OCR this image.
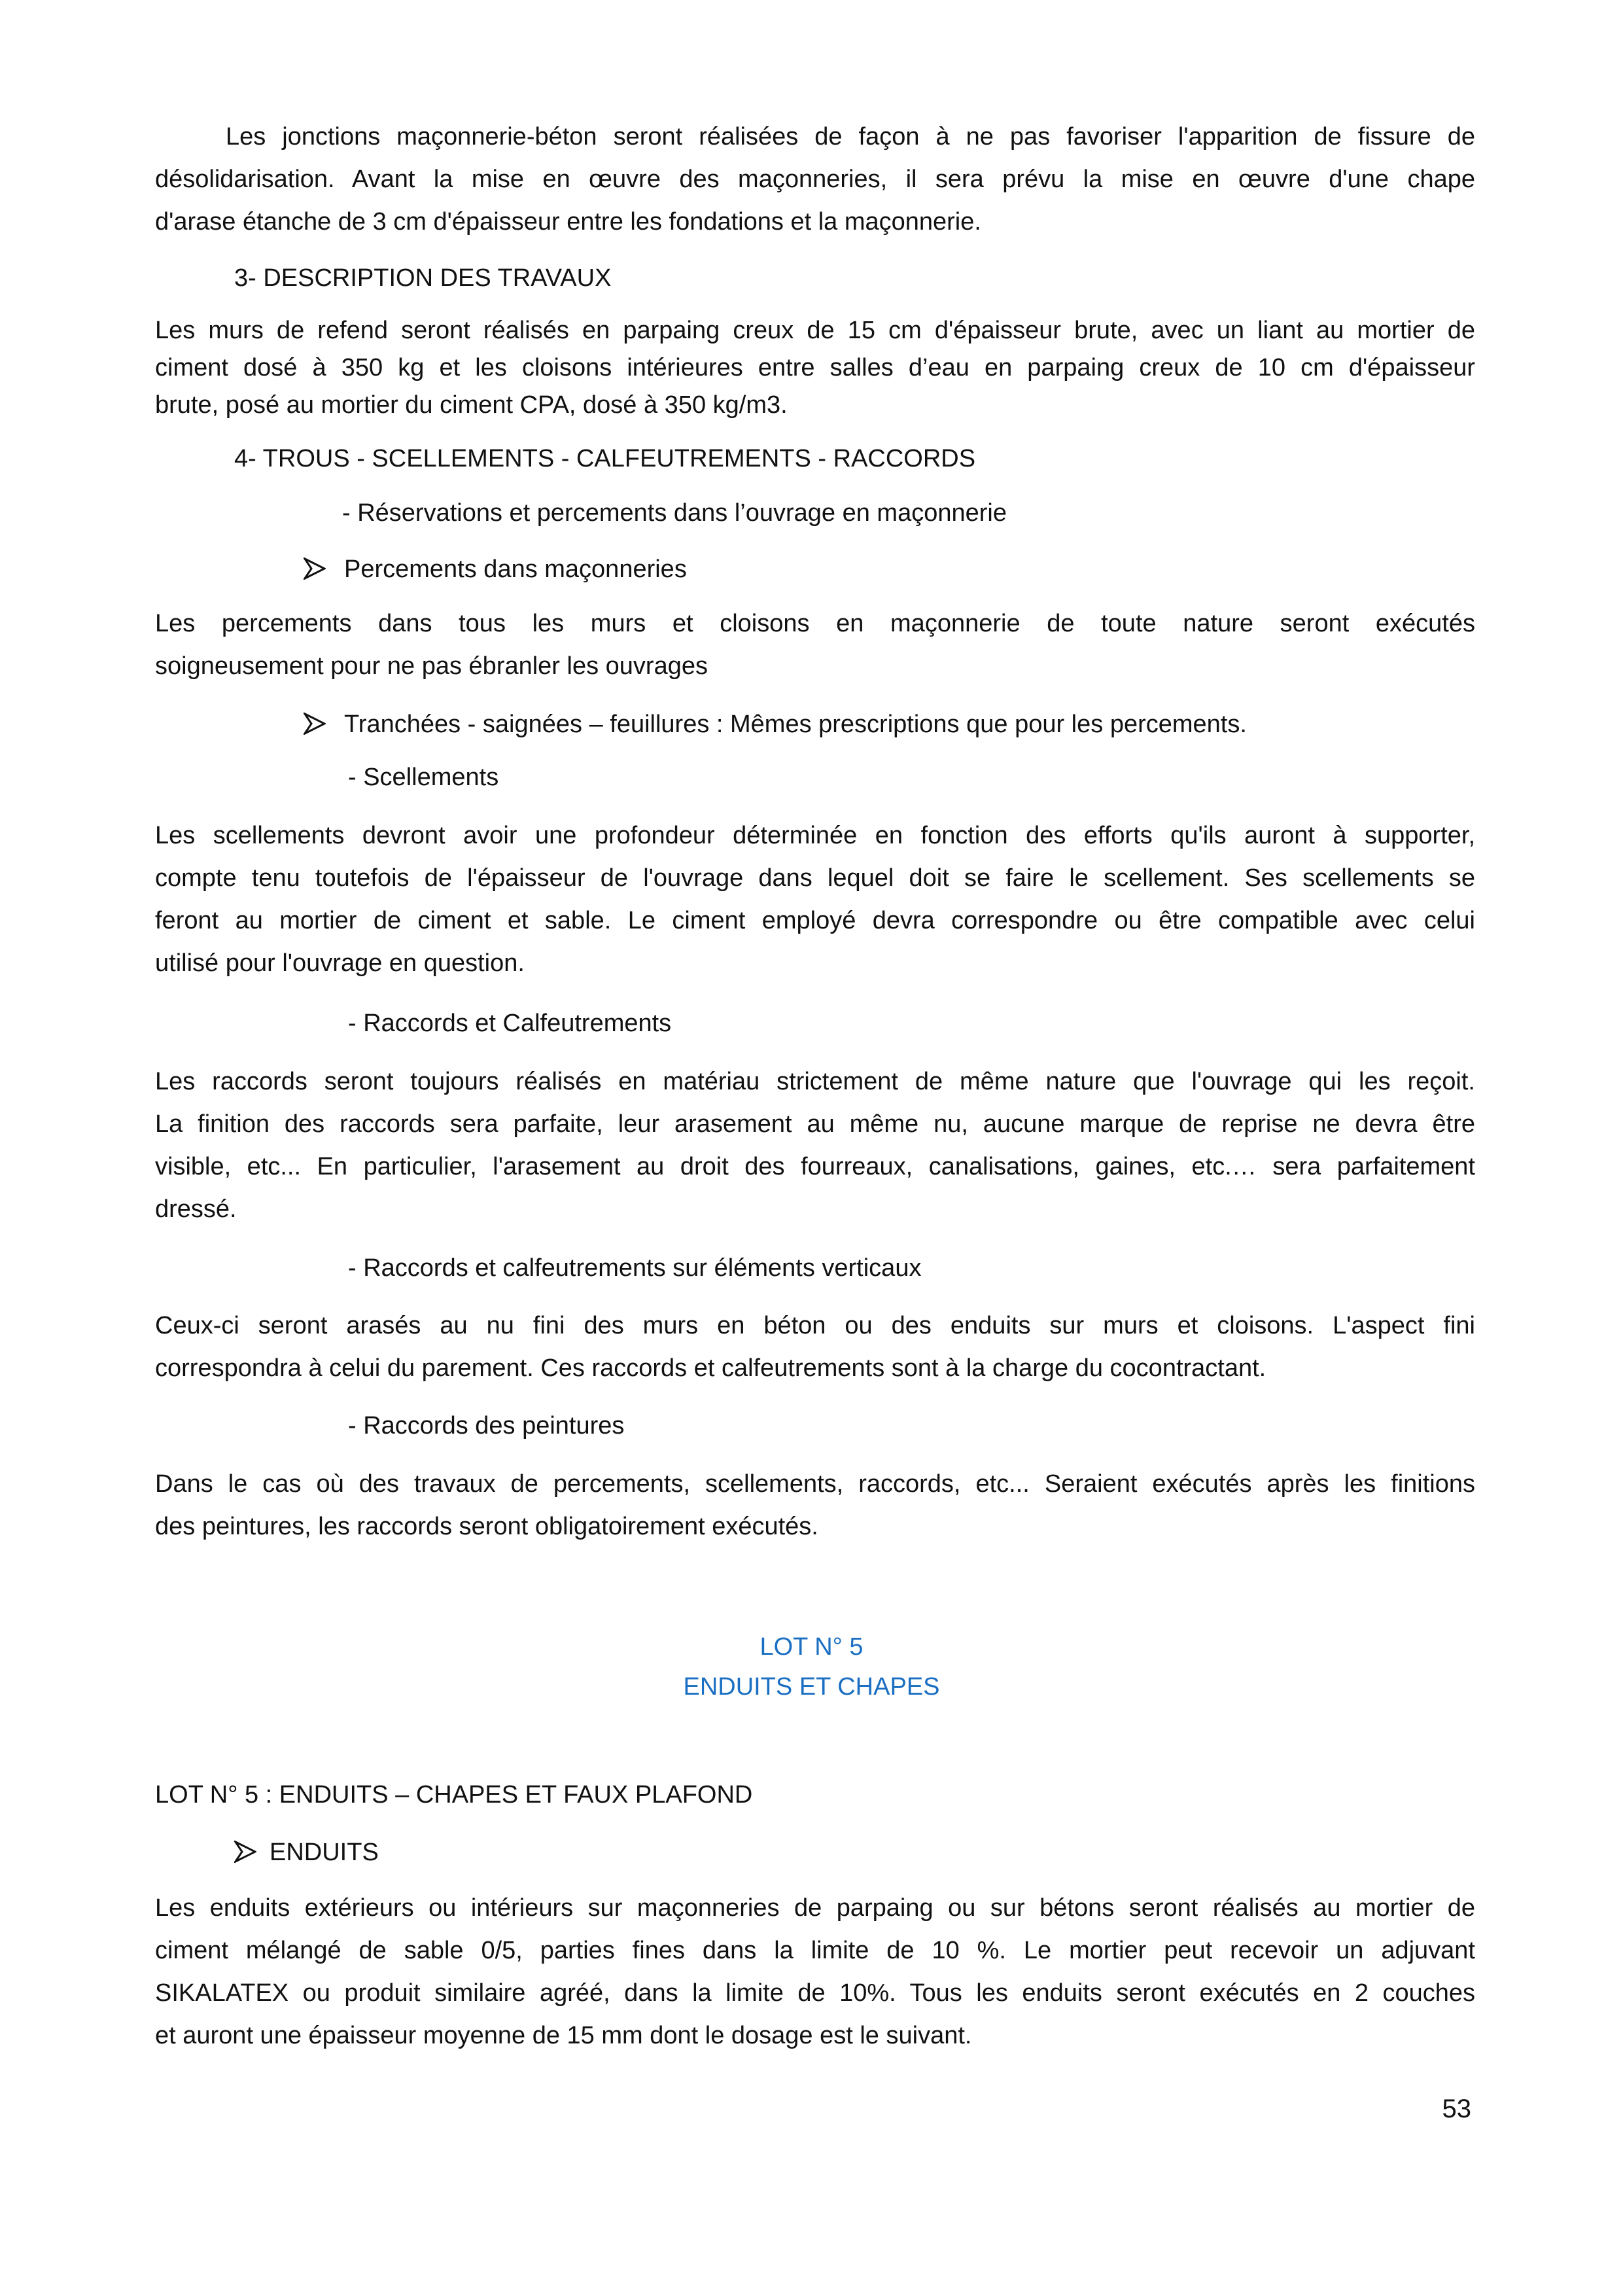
Les jonctions maçonnerie-béton seront réalisées de façon à ne pas favoriser l'apparition de fissure de
désolidarisation. Avant la mise en œuvre des maçonneries, il sera prévu la mise en œuvre d'une chape
d'arase étanche de 3 cm d'épaisseur entre les fondations et la maçonnerie.
3- DESCRIPTION DES TRAVAUX
Les murs de refend seront réalisés en parpaing creux de 15 cm d'épaisseur brute, avec un liant au mortier de
ciment dosé à 350 kg et les cloisons intérieures entre salles d’eau en parpaing creux de 10 cm d'épaisseur
brute, posé au mortier du ciment CPA, dosé à 350 kg/m3.
4- TROUS - SCELLEMENTS - CALFEUTREMENTS - RACCORDS
- Réservations et percements dans l’ouvrage en maçonnerie
Percements dans maçonneries
Les percements dans tous les murs et cloisons en maçonnerie de toute nature seront exécutés
soigneusement pour ne pas ébranler les ouvrages
Tranchées - saignées – feuillures : Mêmes prescriptions que pour les percements.
- Scellements
Les scellements devront avoir une profondeur déterminée en fonction des efforts qu'ils auront à supporter,
compte tenu toutefois de l'épaisseur de l'ouvrage dans lequel doit se faire le scellement. Ses scellements se
feront au mortier de ciment et sable. Le ciment employé devra correspondre ou être compatible avec celui
utilisé pour l'ouvrage en question.
- Raccords et Calfeutrements
Les raccords seront toujours réalisés en matériau strictement de même nature que l'ouvrage qui les reçoit.
La finition des raccords sera parfaite, leur arasement au même nu, aucune marque de reprise ne devra être
visible, etc... En particulier, l'arasement au droit des fourreaux, canalisations, gaines, etc.… sera parfaitement
dressé.
- Raccords et calfeutrements sur éléments verticaux
Ceux-ci seront arasés au nu fini des murs en béton ou des enduits sur murs et cloisons. L'aspect fini
correspondra à celui du parement. Ces raccords et calfeutrements sont à la charge du cocontractant.
- Raccords des peintures
Dans le cas où des travaux de percements, scellements, raccords, etc... Seraient exécutés après les finitions
des peintures, les raccords seront obligatoirement exécutés.
LOT N° 5
ENDUITS ET CHAPES
LOT N° 5 : ENDUITS – CHAPES ET FAUX PLAFOND
ENDUITS
Les enduits extérieurs ou intérieurs sur maçonneries de parpaing ou sur bétons seront réalisés au mortier de
ciment mélangé de sable 0/5, parties fines dans la limite de 10 %. Le mortier peut recevoir un adjuvant
SIKALATEX ou produit similaire agréé, dans la limite de 10%. Tous les enduits seront exécutés en 2 couches
et auront une épaisseur moyenne de 15 mm dont le dosage est le suivant.
53
